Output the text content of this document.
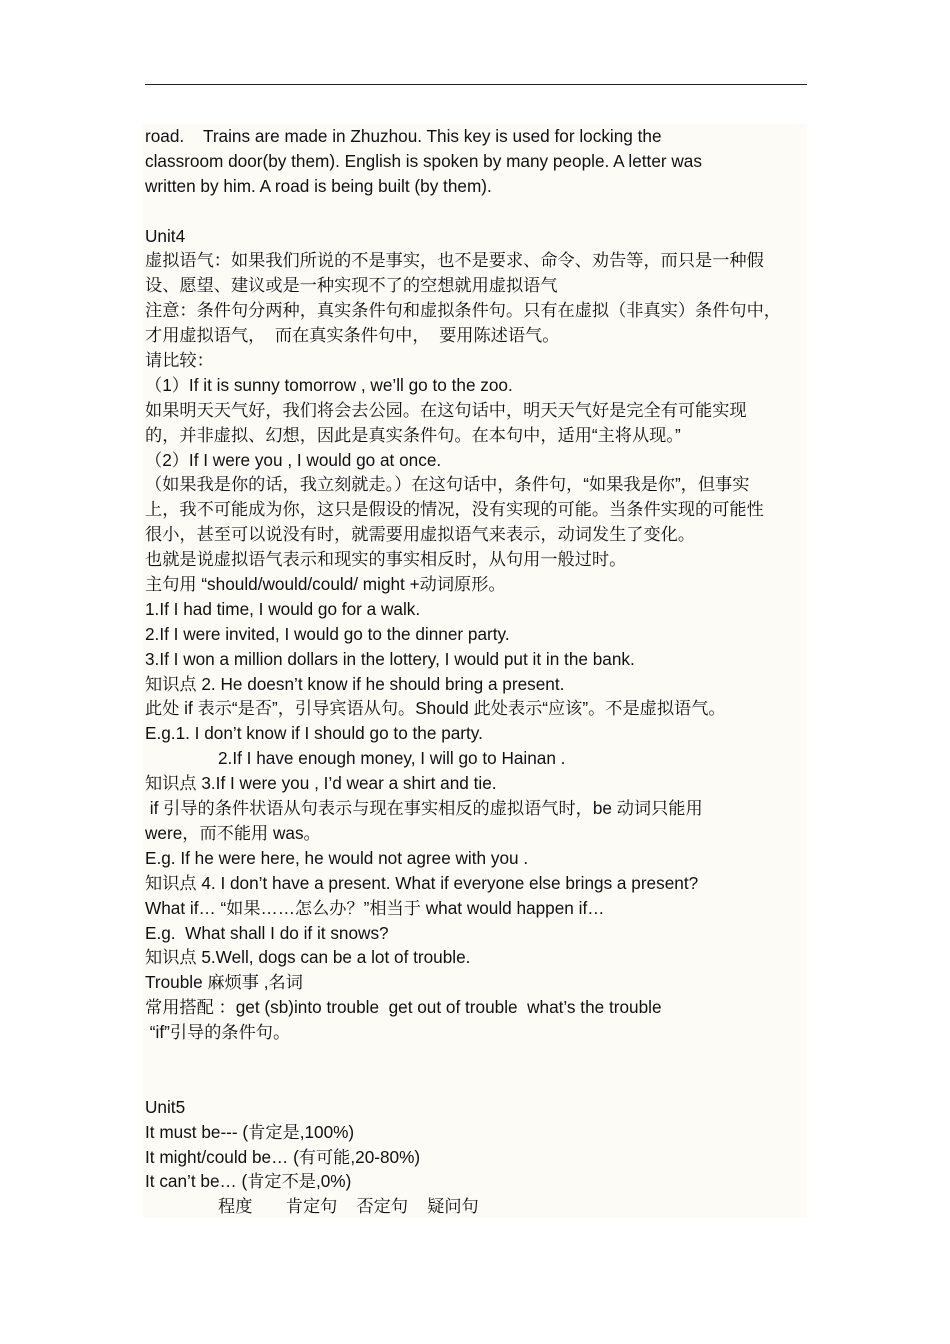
road.    Trains are made in Zhuzhou. This key is used for locking the
classroom door(by them). English is spoken by many people. A letter was
written by him. A road is being built (by them).
Unit4
虚拟语气：如果我们所说的不是事实，也不是要求、命令、劝告等，而只是一种假
设、愿望、建议或是一种实现不了的空想就用虚拟语气
注意：条件句分两种，真实条件句和虚拟条件句。只有在虚拟（非真实）条件句中，
才用虚拟语气，  而在真实条件句中，  要用陈述语气。
请比较：
（1）If it is sunny tomorrow , we’ll go to the zoo.
如果明天天气好，我们将会去公园。在这句话中，明天天气好是完全有可能实现
的，并非虚拟、幻想，因此是真实条件句。在本句中，适用“主将从现。”
（2）If I were you , I would go at once.
（如果我是你的话，我立刻就走。）在这句话中，条件句，“如果我是你”，但事实
上，我不可能成为你，这只是假设的情况，没有实现的可能。当条件实现的可能性
很小，甚至可以说没有时，就需要用虚拟语气来表示，动词发生了变化。
也就是说虚拟语气表示和现实的事实相反时，从句用一般过时。
主句用 “should/would/could/ might +动词原形。
1.If I had time, I would go for a walk.
2.If I were invited, I would go to the dinner party.
3.If I won a million dollars in the lottery, I would put it in the bank.
知识点 2. He doesn’t know if he should bring a present.
此处 if 表示“是否”，引导宾语从句。Should 此处表示“应该”。不是虚拟语气。
E.g.1. I don’t know if I should go to the party.
2.If I have enough money, I will go to Hainan .
知识点 3.If I were you , I’d wear a shirt and tie.
if 引导的条件状语从句表示与现在事实相反的虚拟语气时，be 动词只能用
were，而不能用 was。
E.g. If he were here, he would not agree with you .
知识点 4. I don’t have a present. What if everyone else brings a present?
What if… “如果……怎么办？”相当于 what would happen if…
E.g.  What shall I do if it snows?
知识点 5.Well, dogs can be a lot of trouble.
Trouble 麻烦事 ,名词
常用搭配 ：get (sb)into trouble  get out of trouble  what’s the trouble
“if”引导的条件句。
Unit5
It must be--- (肯定是,100%)
It might/could be… (有可能,20-80%)
It can’t be… (肯定不是,0%)
程度       肯定句    否定句    疑问句
